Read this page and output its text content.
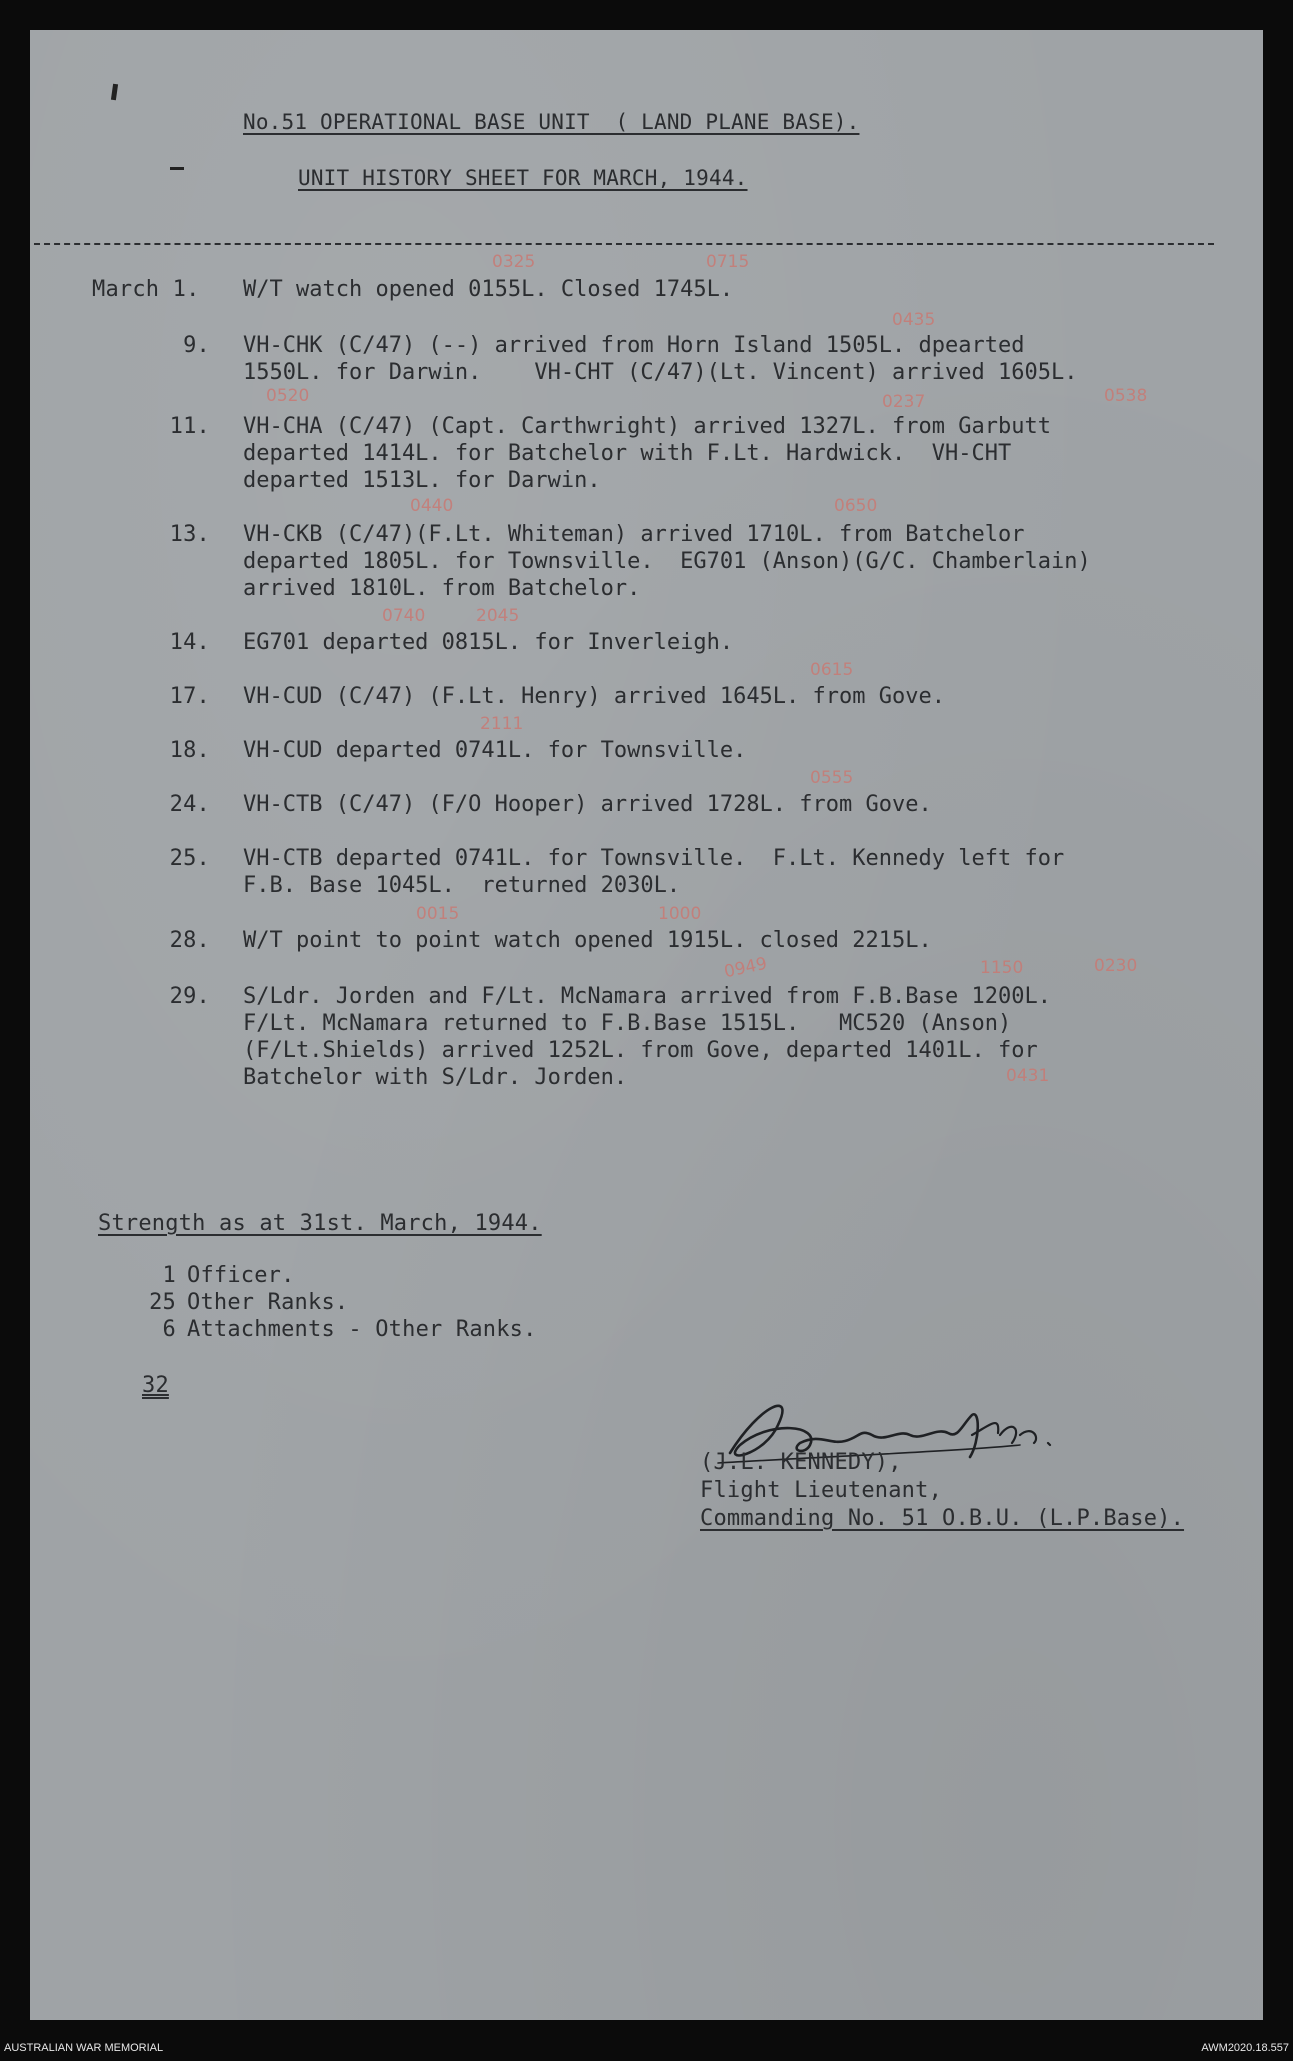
No.51 OPERATIONAL BASE UNIT  ( LAND PLANE BASE).
UNIT HISTORY SHEET FOR MARCH, 1944.
March 1. W/T watch opened 0155L. Closed 1745L.
9. VH-CHK (C/47) (--) arrived from Horn Island 1505L. dpearted
1550L. for Darwin.    VH-CHT (C/47)(Lt. Vincent) arrived 1605L.
11. VH-CHA (C/47) (Capt. Carthwright) arrived 1327L. from Garbutt
departed 1414L. for Batchelor with F.Lt. Hardwick.  VH-CHT
departed 1513L. for Darwin.
13. VH-CKB (C/47)(F.Lt. Whiteman) arrived 1710L. from Batchelor
departed 1805L. for Townsville.  EG701 (Anson)(G/C. Chamberlain)
arrived 1810L. from Batchelor.
14. EG701 departed 0815L. for Inverleigh.
17. VH-CUD (C/47) (F.Lt. Henry) arrived 1645L. from Gove.
18. VH-CUD departed 0741L. for Townsville.
24. VH-CTB (C/47) (F/O Hooper) arrived 1728L. from Gove.
25. VH-CTB departed 0741L. for Townsville.  F.Lt. Kennedy left for
F.B. Base 1045L.  returned 2030L.
28. W/T point to point watch opened 1915L. closed 2215L.
29. S/Ldr. Jorden and F/Lt. McNamara arrived from F.B.Base 1200L.
F/Lt. McNamara returned to F.B.Base 1515L.   MC520 (Anson)
(F/Lt.Shields) arrived 1252L. from Gove, departed 1401L. for
Batchelor with S/Ldr. Jorden.
0325	0715
0435
0520	0237	0538
0650
0440
0740	2045
0615
2111
0555
0015	1000
0949	1150	0230
0431
Strength as at 31st. March, 1944.
1 Officer.
25 Other Ranks.
6 Attachments - Other Ranks.
32
(J.L. KENNEDY),
Flight Lieutenant,
Commanding No. 51 O.B.U. (L.P.Base).
AUSTRALIAN WAR MEMORIAL	AWM2020.18.557
